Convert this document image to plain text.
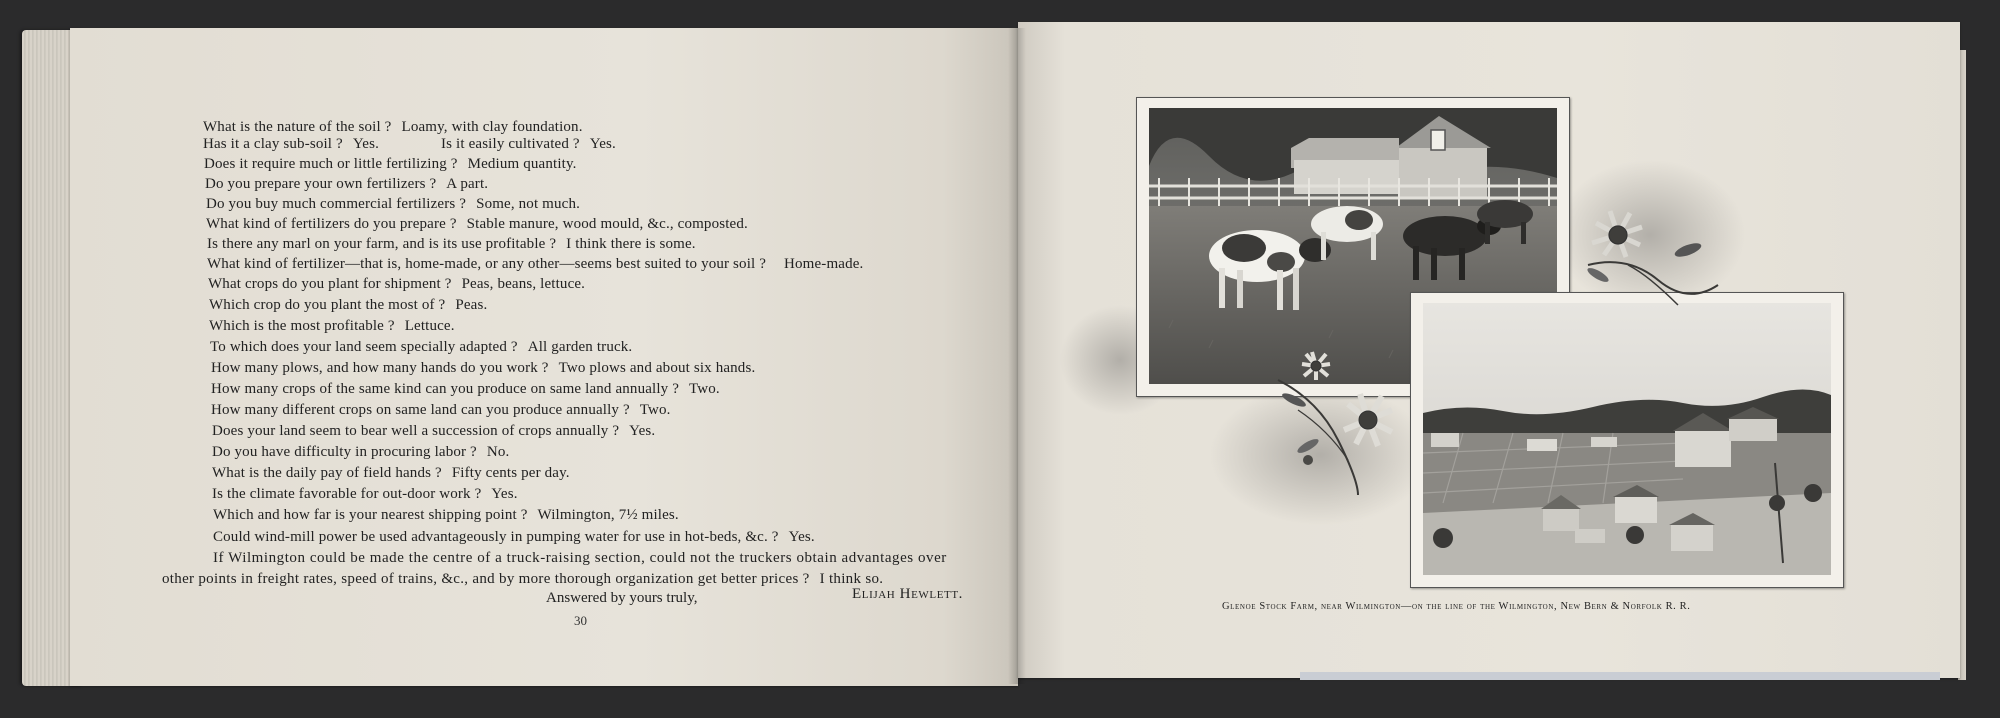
What is the nature of the soil ? Loamy, with clay foundation.
Has it a clay sub-soil ? Yes.	Is it easily cultivated ? Yes.
Does it require much or little fertilizing ? Medium quantity.
Do you prepare your own fertilizers ? A part.
Do you buy much commercial fertilizers ? Some, not much.
What kind of fertilizers do you prepare ? Stable manure, wood mould, &c., composted.
Is there any marl on your farm, and is its use profitable ? I think there is some.
What kind of fertilizer—that is, home-made, or any other—seems best suited to your soil ? Home-made.
What crops do you plant for shipment ? Peas, beans, lettuce.
Which crop do you plant the most of ? Peas.
Which is the most profitable ? Lettuce.
To which does your land seem specially adapted ? All garden truck.
How many plows, and how many hands do you work ? Two plows and about six hands.
How many crops of the same kind can you produce on same land annually ? Two.
How many different crops on same land can you produce annually ? Two.
Does your land seem to bear well a succession of crops annually ? Yes.
Do you have difficulty in procuring labor ? No.
What is the daily pay of field hands ? Fifty cents per day.
Is the climate favorable for out-door work ? Yes.
Which and how far is your nearest shipping point ? Wilmington, 7½ miles.
Could wind-mill power be used advantageously in pumping water for use in hot-beds, &c. ? Yes.
If Wilmington could be made the centre of a truck-raising section, could not the truckers obtain advantages over
other points in freight rates, speed of trains, &c., and by more thorough organization get better prices ? I think so.
Answered by yours truly,	Elijah Hewlett.
30
Glenoe Stock Farm, near Wilmington—on the line of the Wilmington, New Bern & Norfolk R. R.
